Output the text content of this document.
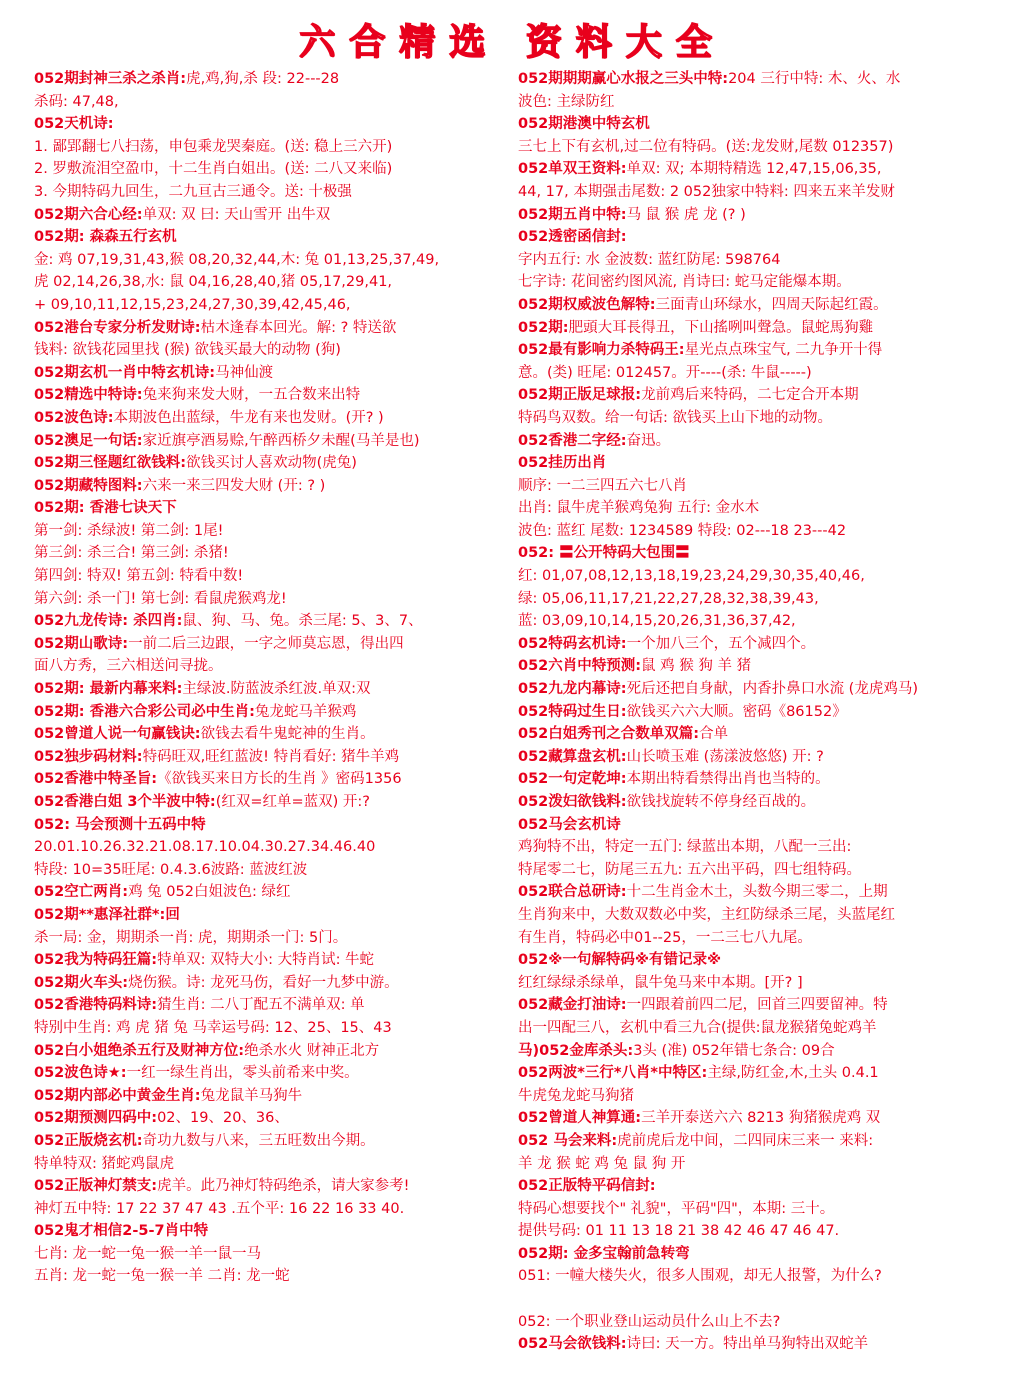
六合精选 资料大全
052期封神三杀之杀肖:虎,鸡,狗,杀 段: 22---28
杀码: 47,48,
052天机诗:
1. 鄙郢翻七八扫荡，申包乘龙哭秦庭。(送: 稳上三六开)
2. 罗敷流泪空盈巾，十二生肖白姐出。(送: 二八又来临)
3. 今期特码九回生，二九亘古三通令。送: 十极强
052期六合心经:单双: 双 曰: 天山雪开 出牛双
052期: 森森五行玄机
金: 鸡 07,19,31,43,猴 08,20,32,44,木: 兔 01,13,25,37,49,
虎 02,14,26,38,水: 鼠 04,16,28,40,猪 05,17,29,41,
+ 09,10,11,12,15,23,24,27,30,39,42,45,46,
052港台专家分析发财诗:枯木逢春本回光。解: ? 特送欲
钱料: 欲钱花园里找 (猴) 欲钱买最大的动物 (狗)
052期玄机一肖中特玄机诗:马神仙渡
052精选中特诗:兔来狗来发大财，一五合数来出特
052波色诗:本期波色出蓝绿，牛龙有来也发财。(开? )
052澳足一句话:家近旗亭酒易赊,午醉西桥夕未醒(马羊是也)
052期三怪题红欲钱料:欲钱买讨人喜欢动物(虎兔)
052期藏特图料:六来一来三四发大财 (开: ? )
052期: 香港七诀天下
第一剑: 杀绿波! 第二剑: 1尾!
第三剑: 杀三合! 第三剑: 杀猪!
第四剑: 特双! 第五剑: 特看中数!
第六剑: 杀一门! 第七剑: 看鼠虎猴鸡龙!
052九龙传诗: 杀四肖:鼠、狗、马、兔。杀三尾: 5、3、7、
052期山歌诗:一前二后三边跟，一字之师莫忘恩，得出四
面八方秀，三六相送问寻拢。
052期: 最新内幕来料:主绿波.防蓝波杀红波.单双:双
052期: 香港六合彩公司必中生肖:兔龙蛇马羊猴鸡
052曾道人说一句赢钱诀:欲钱去看牛鬼蛇神的生肖。
052独步码材料:特码旺双,旺红蓝波! 特肖看好: 猪牛羊鸡
052香港中特圣旨:《欲钱买来日方长的生肖 》密码1356
052香港白姐 3个半波中特:(红双=红单=蓝双) 开:?
052: 马会预测十五码中特
20.01.10.26.32.21.08.17.10.04.30.27.34.46.40
特段: 10=35旺尾: 0.4.3.6波路: 蓝波红波
052空亡两肖:鸡 兔 052白姐波色: 绿红
052期**惠泽社群*:回
杀一局: 金，期期杀一肖: 虎，期期杀一门: 5门。
052我为特码狂篇:特单双: 双特大小: 大特肖试: 牛蛇
052期火车头:烧伤猴。诗: 龙死马伤，看好一九梦中游。
052香港特码料诗:猜生肖: 二八丁配五不满单双: 单
特别中生肖: 鸡 虎 猪 兔 马幸运号码: 12、25、15、43
052白小姐绝杀五行及财神方位:绝杀水火 财神正北方
052波色诗★:一红一绿生肖出，零头前希来中奖。
052期内部必中黄金生肖:兔龙鼠羊马狗牛
052期预测四码中:02、19、20、36、
052正版烧玄机:奇功九数与八来，三五旺数出今期。
特单特双: 猪蛇鸡鼠虎
052正版神灯禁支:虎羊。此乃神灯特码绝杀，请大家参考!
神灯五中特: 17 22 37 47 43 .五个平: 16 22 16 33 40.
052鬼才相信2-5-7肖中特
七肖: 龙一蛇一兔一猴一羊一鼠一马
五肖: 龙一蛇一兔一猴一羊 二肖: 龙一蛇
052期期期赢心水报之三头中特:204 三行中特: 木、火、水
波色: 主绿防红
052期港澳中特玄机
三七上下有玄机,过二位有特码。(送:龙发财,尾数 012357)
052单双王资料:单双: 双; 本期特精选 12,47,15,06,35,
44, 17, 本期强击尾数: 2 052独家中特料: 四来五来羊发财
052期五肖中特:马 鼠 猴 虎 龙 (? )
052透密函信封:
字内五行: 水 金波数: 蓝红防尾: 598764
七字诗: 花间密约图风流, 肖诗曰: 蛇马定能爆本期。
052期权威波色解特:三面青山环绿水，四周天际起红霞。
052期:肥頭大耳長得丑，下山搖咧叫聲急。鼠蛇馬狗雞
052最有影响力杀特码王:星光点点珠宝气, 二九争开十得
意。(类) 旺尾: 012457。开----(杀: 牛鼠-----)
052期正版足球报:龙前鸡后来特码，二七定合开本期
特码鸟双数。给一句话: 欲钱买上山下地的动物。
052香港二字经:奋迅。
052挂历出肖
顺序: 一二三四五六七八肖
出肖: 鼠牛虎羊猴鸡兔狗 五行: 金水木
波色: 蓝红 尾数: 1234589 特段: 02---18 23---42
052: 〓公开特码大包围〓
红: 01,07,08,12,13,18,19,23,24,29,30,35,40,46,
绿: 05,06,11,17,21,22,27,28,32,38,39,43,
蓝: 03,09,10,14,15,20,26,31,36,37,42,
052特码玄机诗:一个加八三个，五个减四个。
052六肖中特预测:鼠 鸡 猴 狗 羊 猪
052九龙内幕诗:死后还把自身献，内香扑鼻口水流 (龙虎鸡马)
052特码过生日:欲钱买六六大顺。密码《86152》
052白姐秀刊之合数单双篇:合单
052藏算盘玄机:山长喷玉难 (荡漾波悠悠) 开: ?
052一句定乾坤:本期出特看禁得出肖也当特的。
052泼妇欲钱料:欲钱找旋转不停身经百战的。
052马会玄机诗
鸡狗特不出，特定一五门: 绿蓝出本期，八配一三出:
特尾零二七，防尾三五九: 五六出平码，四七组特码。
052联合总研诗:十二生肖金木土，头数今期三零二，上期
生肖狗来中，大数双数必中奖，主红防绿杀三尾，头蓝尾红
有生肖，特码必中01--25，一二三七八九尾。
052※一句解特码※有错记录※
红红绿绿杀绿单，鼠牛兔马来中本期。[开? ]
052藏金打油诗:一四跟着前四二尼，回首三四要留神。特
出一四配三八，玄机中看三九合(提供:鼠龙猴猪兔蛇鸡羊
马)052金库杀头:3头 (准) 052年错七条合: 09合
052两波*三行*八肖*中特区:主绿,防红金,木,土头 0.4.1
牛虎兔龙蛇马狗猪
052曾道人神算通:三羊开泰送六六 8213 狗猪猴虎鸡 双
052 马会来料:虎前虎后龙中间，二四同床三来一 来料:
羊 龙 猴 蛇 鸡 兔 鼠 狗 开
052正版特平码信封:
特码心想要找个" 礼貌"，平码"四"，本期: 三十。
提供号码: 01 11 13 18 21 38 42 46 47 46 47.
052期: 金多宝翰前急转弯
051: 一幢大楼失火，很多人围观，却无人报警，为什么?
052: 一个职业登山运动员什么山上不去?
052马会欲钱料:诗曰: 天一方。特出单马狗特出双蛇羊
